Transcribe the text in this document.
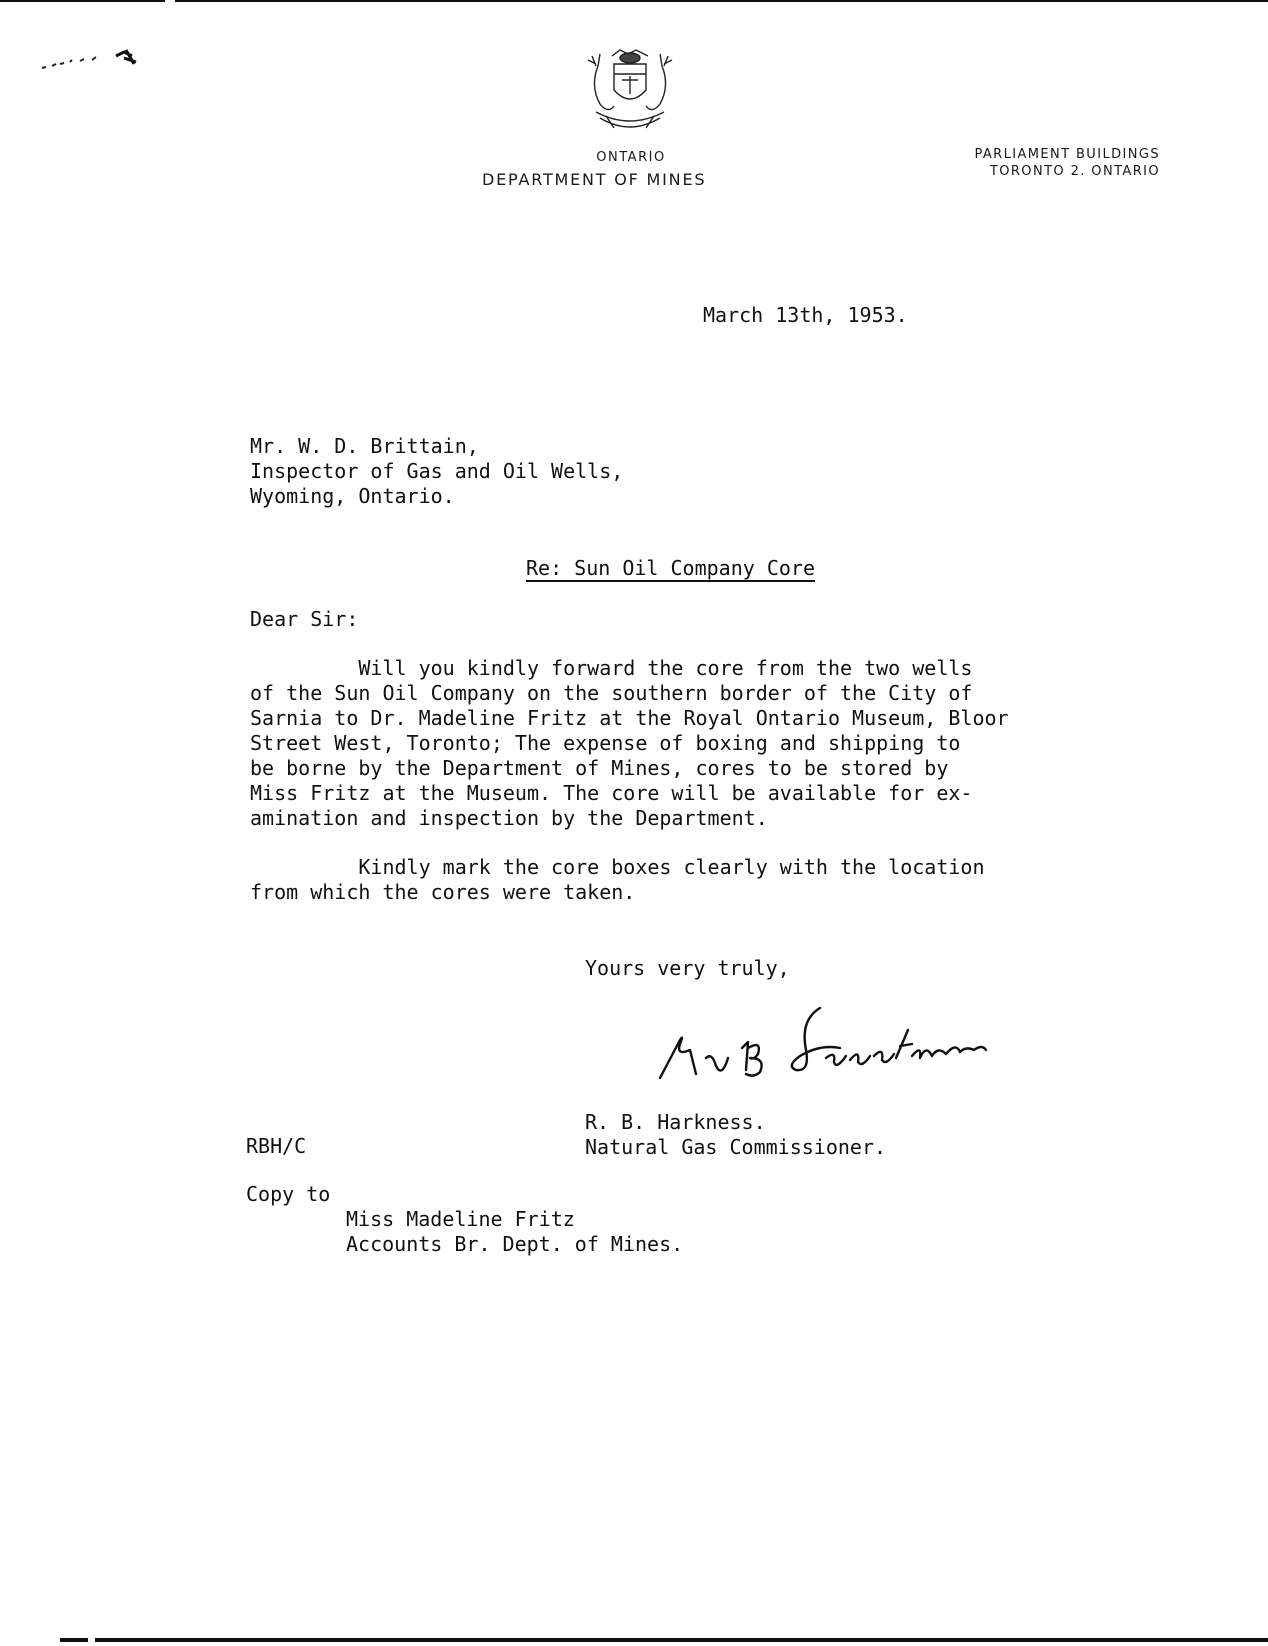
ONTARIO
DEPARTMENT OF MINES
PARLIAMENT BUILDINGS
TORONTO 2. ONTARIO
March 13th, 1953.
Mr. W. D. Brittain,
Inspector of Gas and Oil Wells,
Wyoming, Ontario.
Re: Sun Oil Company Core
Dear Sir:
Will you kindly forward the core from the two wells
of the Sun Oil Company on the southern border of the City of
Sarnia to Dr. Madeline Fritz at the Royal Ontario Museum, Bloor
Street West, Toronto; The expense of boxing and shipping to
be borne by the Department of Mines, cores to be stored by
Miss Fritz at the Museum. The core will be available for ex-
amination and inspection by the Department.
Kindly mark the core boxes clearly with the location
from which the cores were taken.
Yours very truly,
R. B. Harkness.
Natural Gas Commissioner.
RBH/C
Copy to
Miss Madeline Fritz
Accounts Br. Dept. of Mines.
